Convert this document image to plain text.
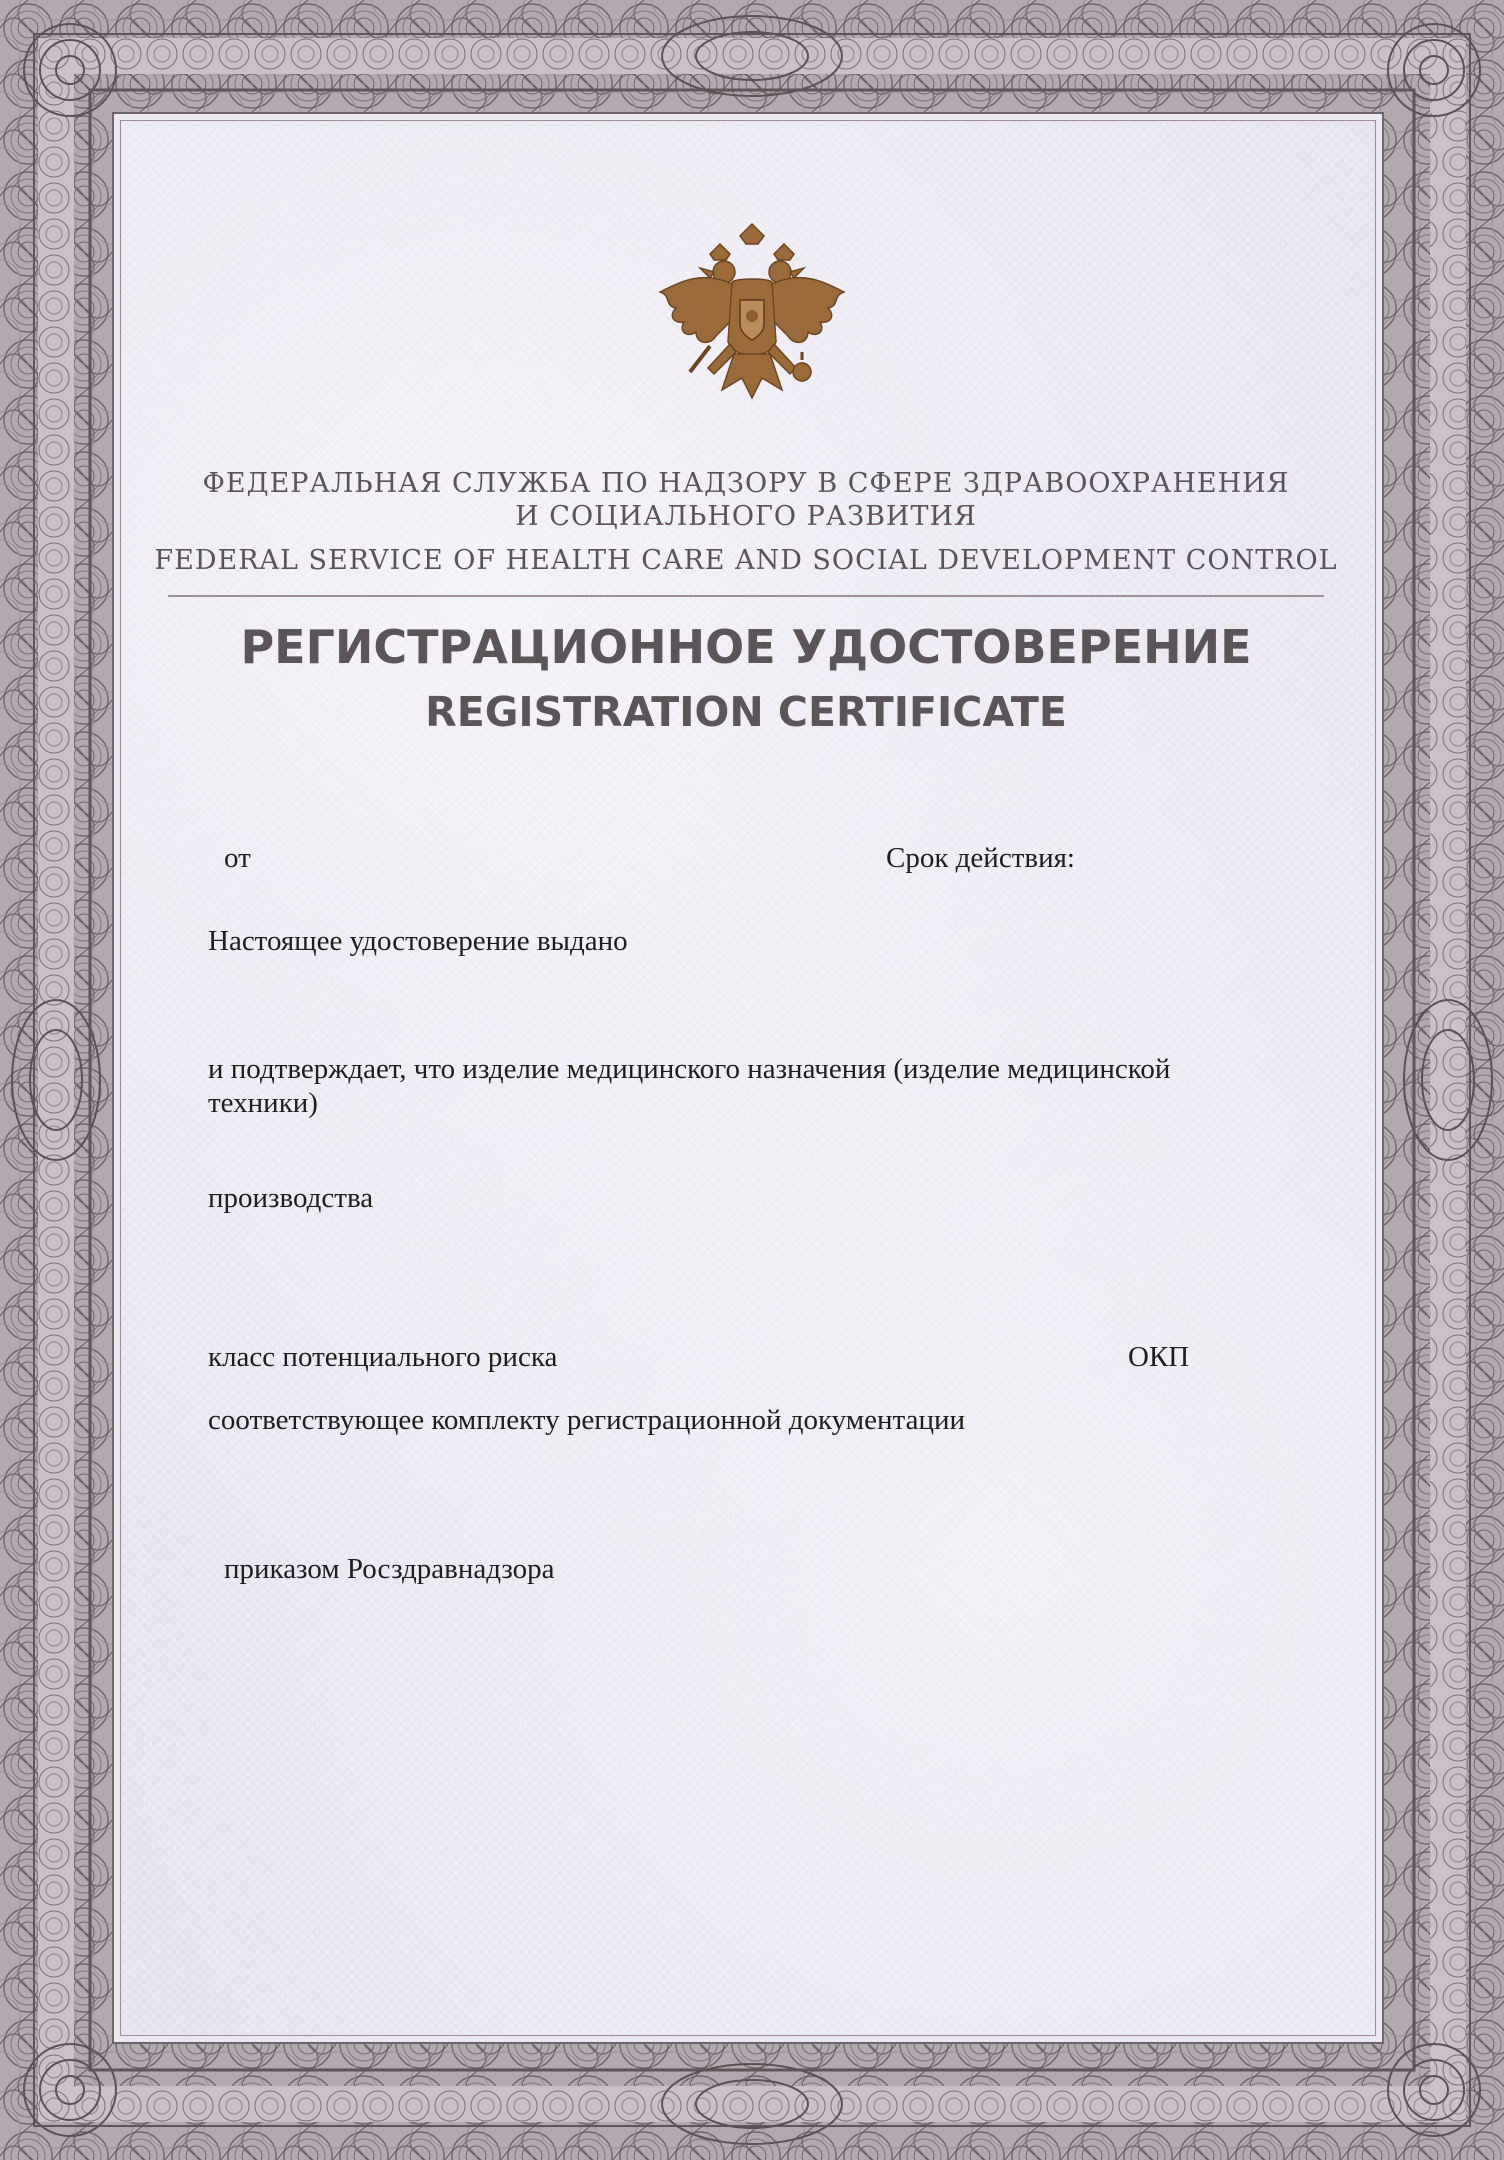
ФЕДЕРАЛЬНАЯ СЛУЖБА ПО НАДЗОРУ В СФЕРЕ ЗДРАВООХРАНЕНИЯ
И СОЦИАЛЬНОГО РАЗВИТИЯ
FEDERAL SERVICE OF HEALTH CARE AND SOCIAL DEVELOPMENT CONTROL
РЕГИСТРАЦИОННОЕ УДОСТОВЕРЕНИЕ
REGISTRATION CERTIFICATE
от	Срок действия:
Настоящее удостоверение выдано
и подтверждает, что изделие медицинского назначения (изделие медицинской
техники)
производства
класс потенциального риска	ОКП
соответствующее комплекту регистрационной документации
приказом Росздравнадзора
